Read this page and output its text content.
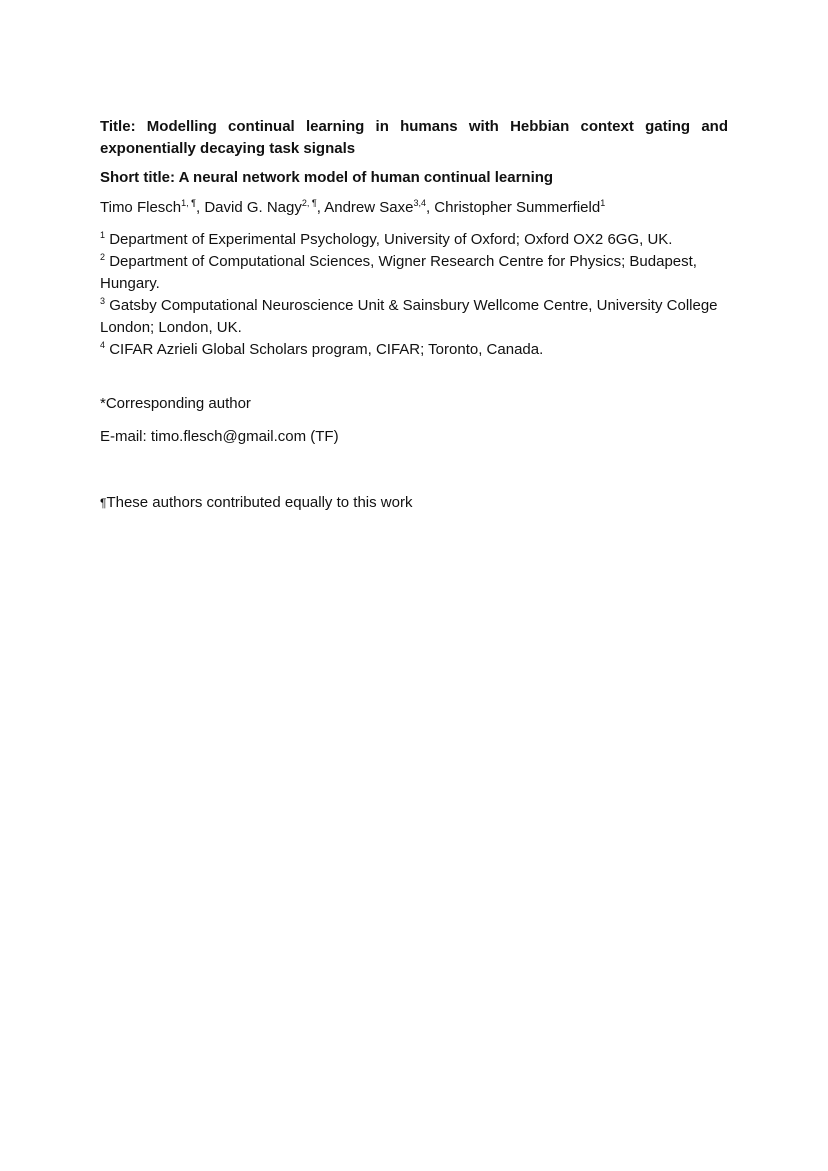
Title: Modelling continual learning in humans with Hebbian context gating and exponentially decaying task signals
Short title: A neural network model of human continual learning
Timo Flesch$^{1, \P}$, David G. Nagy$^{2, \P}$, Andrew Saxe$^{3,4}$, Christopher Summerfield$^1$
$^1$ Department of Experimental Psychology, University of Oxford; Oxford OX2 6GG, UK.
$^2$ Department of Computational Sciences, Wigner Research Centre for Physics; Budapest, Hungary.
$^3$ Gatsby Computational Neuroscience Unit & Sainsbury Wellcome Centre, University College London; London, UK.
$^4$ CIFAR Azrieli Global Scholars program, CIFAR; Toronto, Canada.
*Corresponding author
E-mail: timo.flesch@gmail.com (TF)
¶These authors contributed equally to this work
